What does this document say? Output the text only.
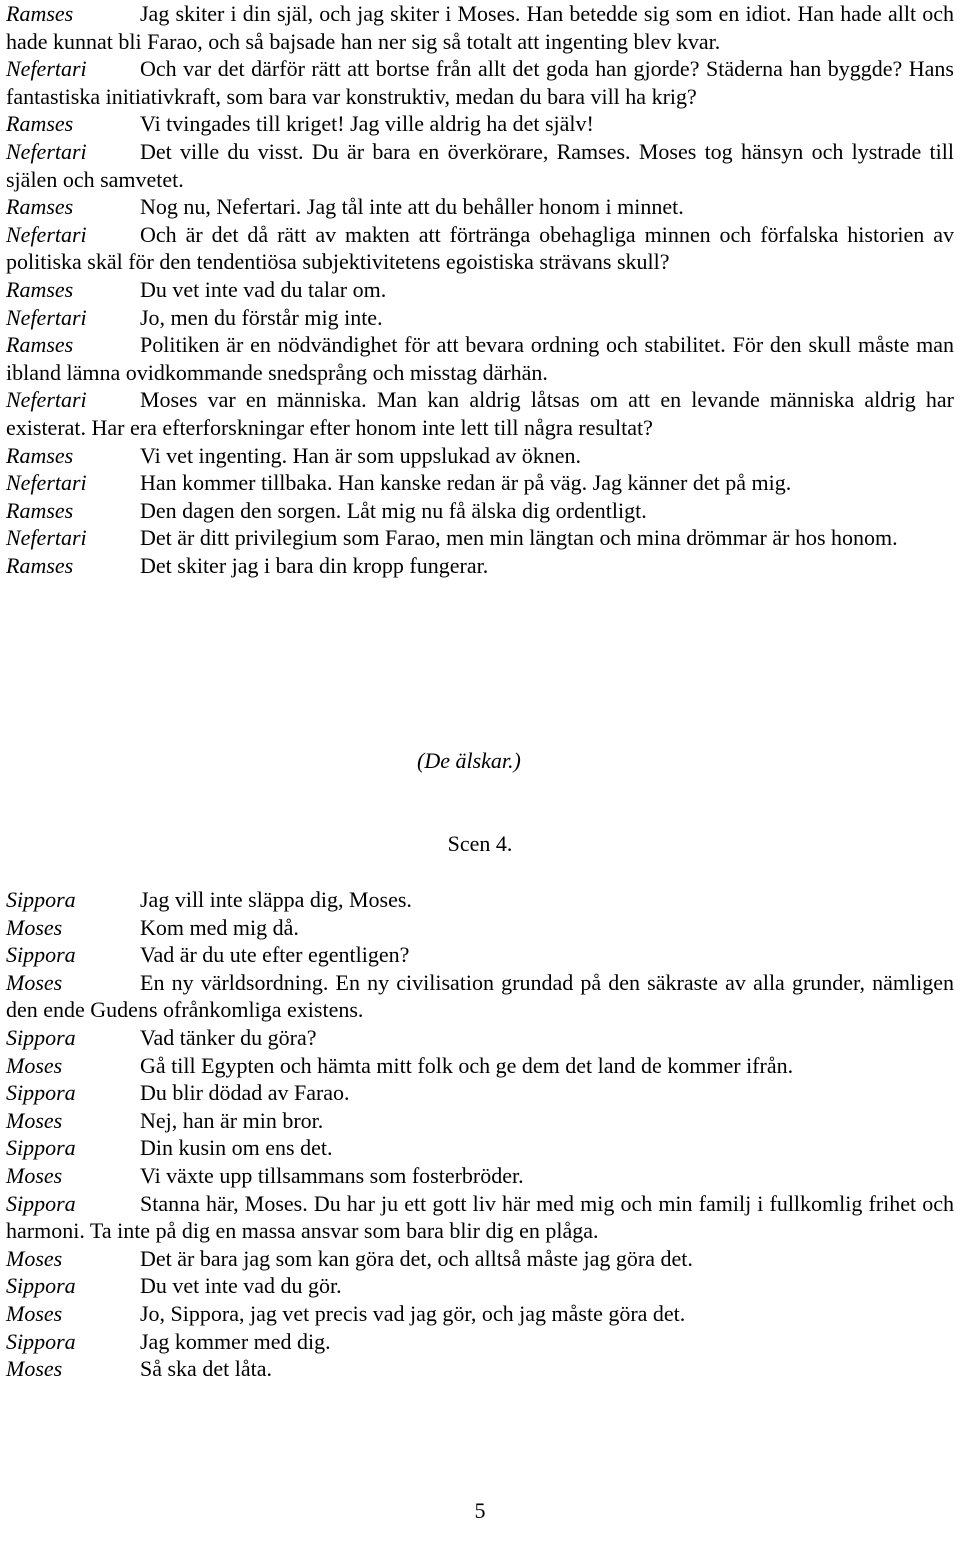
Ramses	Jag skiter i din själ, och jag skiter i Moses. Han betedde sig som en idiot. Han hade allt och hade kunnat bli Farao, och så bajsade han ner sig så totalt att ingenting blev kvar.
Nefertari Och var det därför rätt att bortse från allt det goda han gjorde? Städerna han byggde? Hans fantastiska initiativkraft, som bara var konstruktiv, medan du bara vill ha krig?
Ramses	Vi tvingades till kriget! Jag ville aldrig ha det själv!
Nefertari Det ville du visst. Du är bara en överkörare, Ramses. Moses tog hänsyn och lystrade till själen och samvetet.
Ramses	Nog nu, Nefertari. Jag tål inte att du behåller honom i minnet.
Nefertari Och är det då rätt av makten att förtränga obehagliga minnen och förfalska historien av politiska skäl för den tendentiösa subjektivitetens egoistiska strävans skull?
Ramses	Du vet inte vad du talar om.
Nefertari Jo, men du förstår mig inte.
Ramses	Politiken är en nödvändighet för att bevara ordning och stabilitet. För den skull måste man ibland lämna ovidkommande snedsprång och misstag därhän.
Nefertari Moses var en människa. Man kan aldrig låtsas om att en levande människa aldrig har existerat. Har era efterforskningar efter honom inte lett till några resultat?
Ramses	Vi vet ingenting. Han är som uppslukad av öknen.
Nefertari Han kommer tillbaka. Han kanske redan är på väg. Jag känner det på mig.
Ramses	Den dagen den sorgen. Låt mig nu få älska dig ordentligt.
Nefertari Det är ditt privilegium som Farao, men min längtan och mina drömmar är hos honom.
Ramses	Det skiter jag i bara din kropp fungerar.
(De älskar.)
Scen 4.
Sippora	Jag vill inte släppa dig, Moses.
Moses	Kom med mig då.
Sippora	Vad är du ute efter egentligen?
Moses	En ny världsordning. En ny civilisation grundad på den säkraste av alla grunder, nämligen den ende Gudens ofrånkomliga existens.
Sippora	Vad tänker du göra?
Moses	Gå till Egypten och hämta mitt folk och ge dem det land de kommer ifrån.
Sippora	Du blir dödad av Farao.
Moses	Nej, han är min bror.
Sippora	Din kusin om ens det.
Moses	Vi växte upp tillsammans som fosterbröder.
Sippora	Stanna här, Moses. Du har ju ett gott liv här med mig och min familj i fullkomlig frihet och harmoni. Ta inte på dig en massa ansvar som bara blir dig en plåga.
Moses	Det är bara jag som kan göra det, och alltså måste jag göra det.
Sippora	Du vet inte vad du gör.
Moses	Jo, Sippora, jag vet precis vad jag gör, och jag måste göra det.
Sippora	Jag kommer med dig.
Moses	Så ska det låta.
5
